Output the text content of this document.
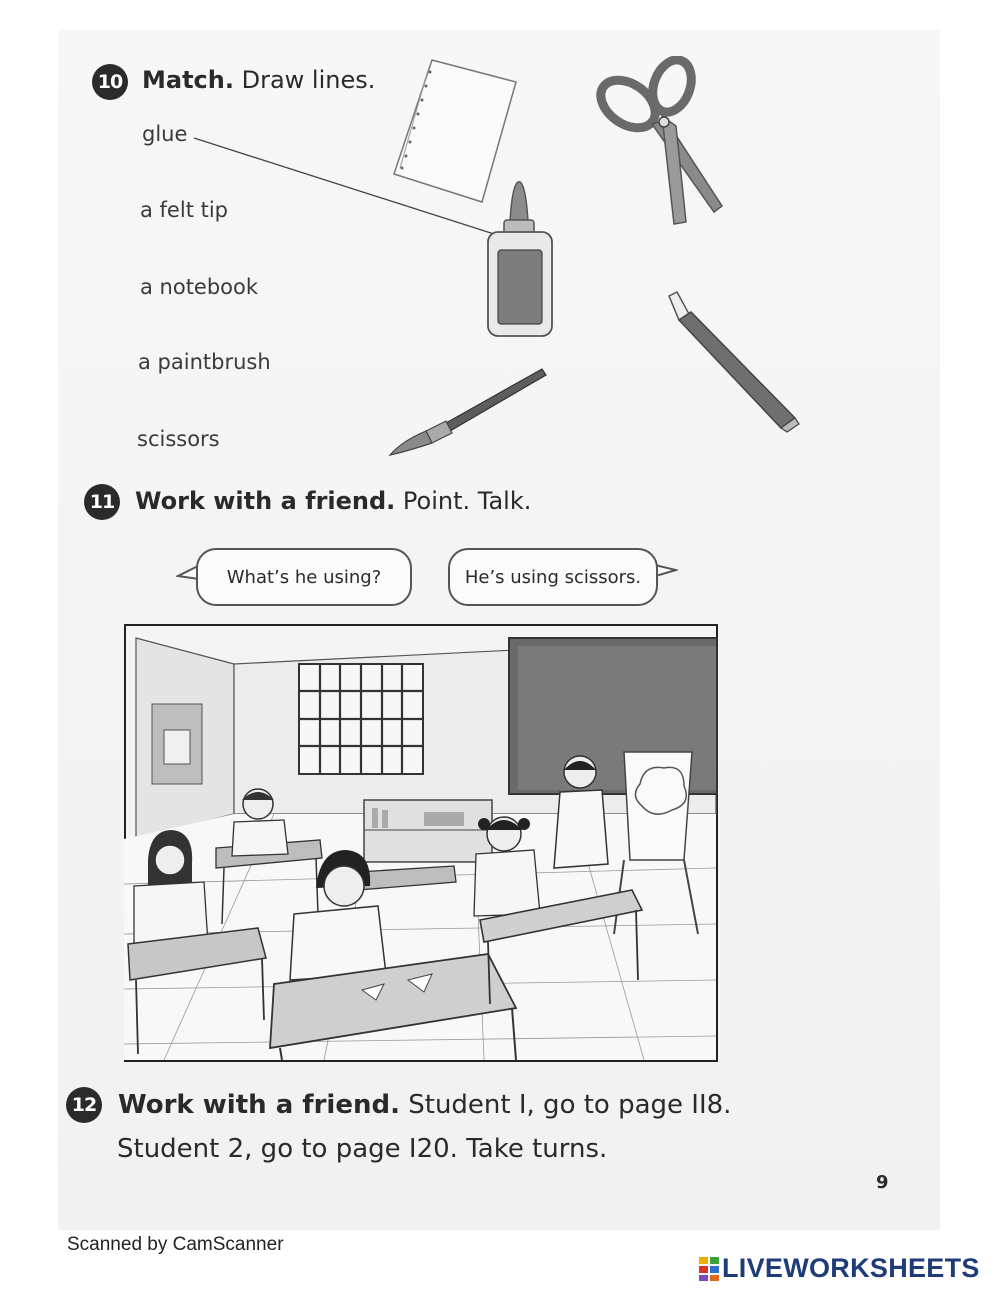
10 Match. Draw lines.
glue
a felt tip
a notebook
a paintbrush
scissors
11 Work with a friend. Point. Talk.
What’s he using?	He’s using scissors.
12 Work with a friend. Student I, go to page II8.
Student 2, go to page I20. Take turns.
9
Scanned by CamScanner
LIVEWORKSHEETS
